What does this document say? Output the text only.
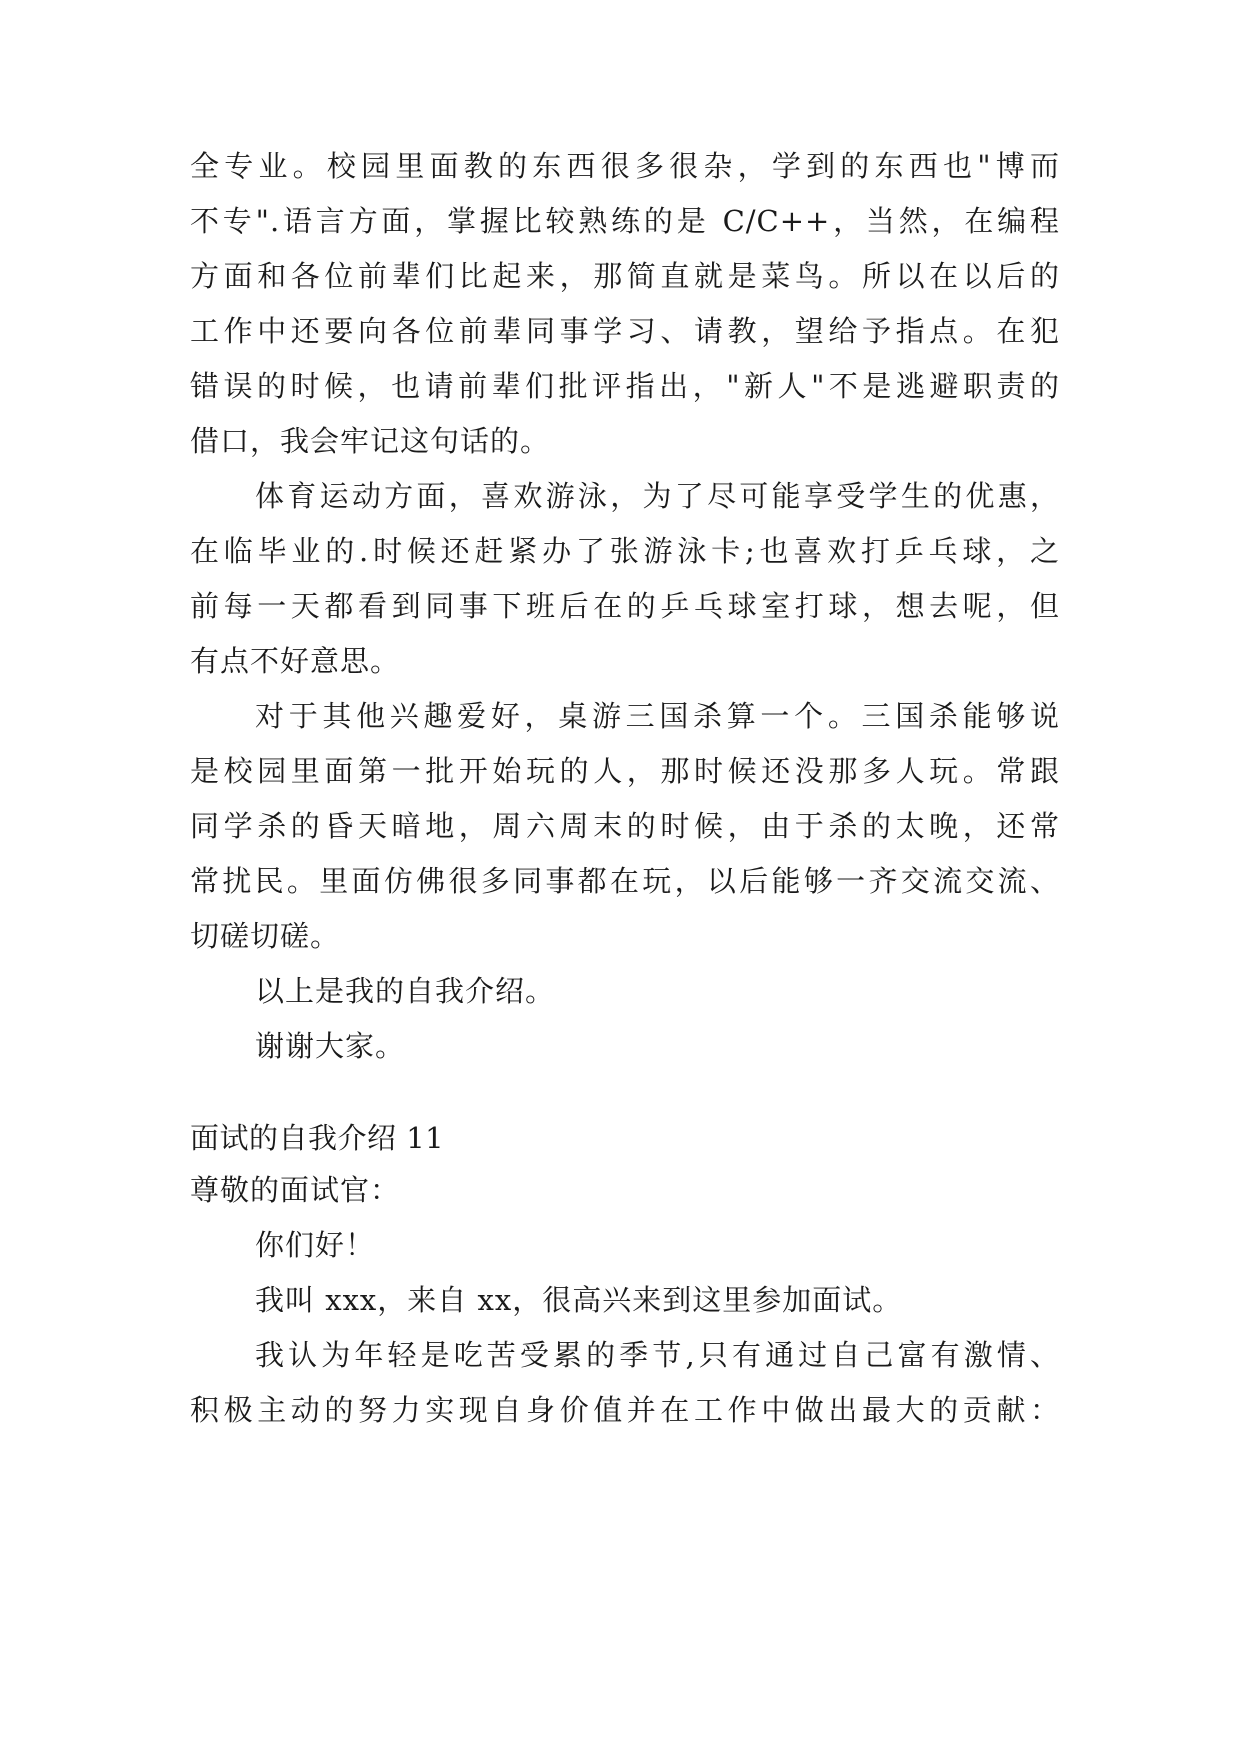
全专业。校园里面教的东西很多很杂，学到的东西也"博而
不专".语言方面，掌握比较熟练的是 C/C++，当然，在编程
方面和各位前辈们比起来，那简直就是菜鸟。所以在以后的
工作中还要向各位前辈同事学习、请教，望给予指点。在犯
错误的时候，也请前辈们批评指出，"新人"不是逃避职责的
借口，我会牢记这句话的。
体育运动方面，喜欢游泳，为了尽可能享受学生的优惠，
在临毕业的.时候还赶紧办了张游泳卡;也喜欢打乒乓球，之
前每一天都看到同事下班后在的乒乓球室打球，想去呢，但
有点不好意思。
对于其他兴趣爱好，桌游三国杀算一个。三国杀能够说
是校园里面第一批开始玩的人，那时候还没那多人玩。常跟
同学杀的昏天暗地，周六周末的时候，由于杀的太晚，还常
常扰民。里面仿佛很多同事都在玩，以后能够一齐交流交流、
切磋切磋。
以上是我的自我介绍。
谢谢大家。
面试的自我介绍 11
尊敬的面试官：
你们好！
我叫 xxx，来自 xx，很高兴来到这里参加面试。
我认为年轻是吃苦受累的季节,只有通过自己富有激情、
积极主动的努力实现自身价值并在工作中做出最大的贡献：
